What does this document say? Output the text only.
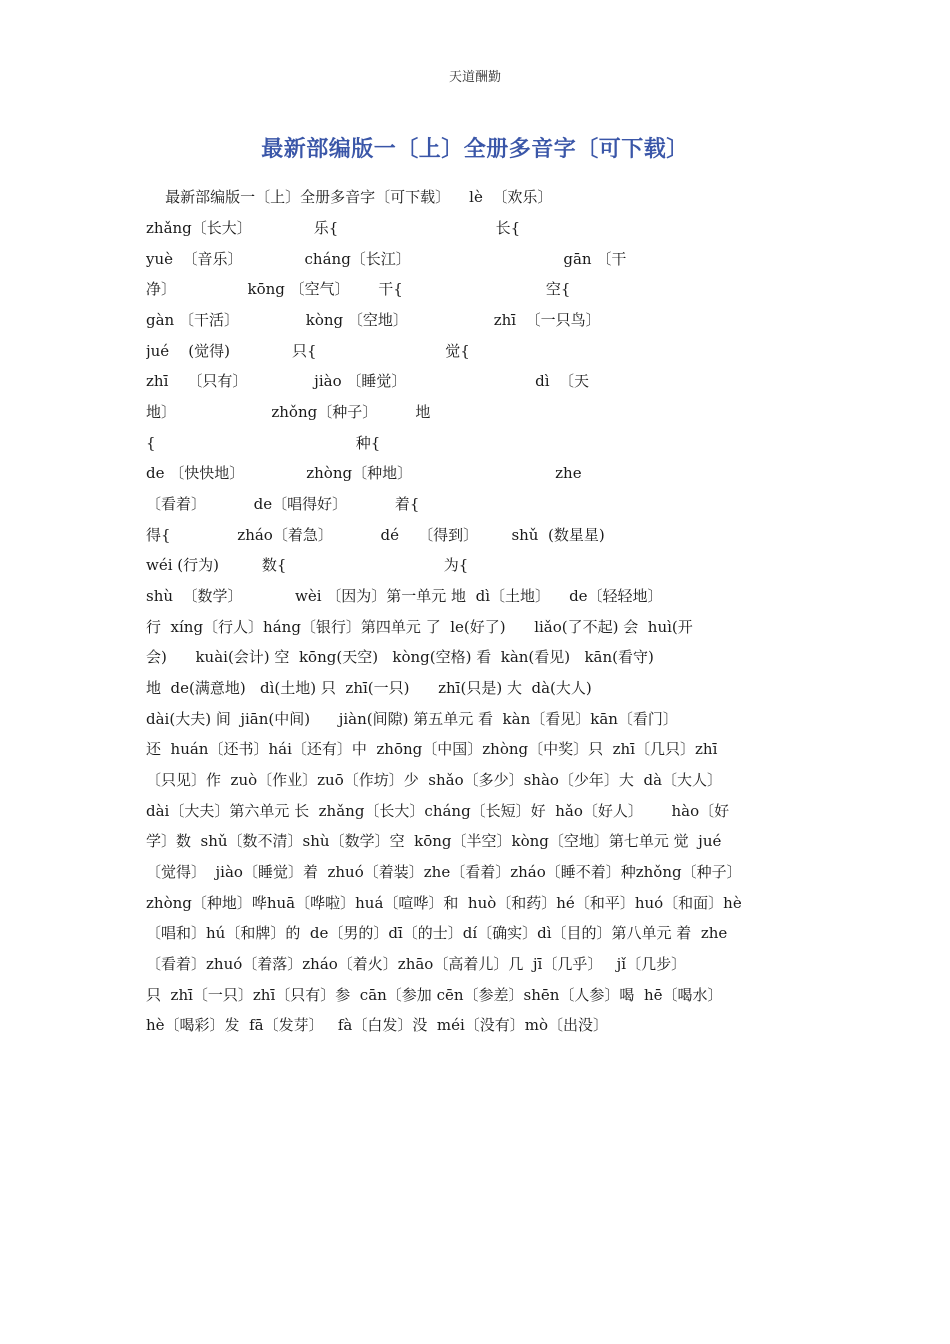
天道酬勤
最新部编版一〔上〕全册多音字〔可下载〕
最新部编版一〔上〕全册多音字〔可下载〕    lè  〔欢乐〕
zhǎng〔长大〕             乐{                                 长{
yuè  〔音乐〕             cháng〔长江〕                                gān 〔干
净〕               kōng 〔空气〕      干{                              空{
gàn 〔干活〕              kòng 〔空地〕                  zhī  〔一只鸟〕
jué    (觉得)             只{                           觉{
zhī    〔只有〕              jiào 〔睡觉〕                           dì  〔天
地〕                    zhǒng〔种子〕        地
{                                          种{
de 〔快快地〕             zhòng〔种地〕                              zhe
〔看着〕          de〔唱得好〕          着{
得{              zháo〔着急〕          dé    〔得到〕       shǔ  (数星星)
wéi (行为)         数{                                 为{
shù  〔数学〕           wèi 〔因为〕第一单元 地  dì〔土地〕    de〔轻轻地〕
行  xíng〔行人〕háng〔银行〕第四单元 了  le(好了)      liǎo(了不起) 会  huì(开
会)      kuài(会计) 空  kōng(天空)   kòng(空格) 看  kàn(看见)   kān(看守)
地  de(满意地)   dì(土地) 只  zhī(一只)      zhī(只是) 大  dà(大人)
dài(大夫) 间  jiān(中间)      jiàn(间隙) 第五单元 看  kàn〔看见〕kān〔看门〕
还  huán〔还书〕hái〔还有〕中  zhōng〔中国〕zhòng〔中奖〕只  zhī〔几只〕zhī
〔只见〕作  zuò〔作业〕zuō〔作坊〕少  shǎo〔多少〕shào〔少年〕大  dà〔大人〕
dài〔大夫〕第六单元 长  zhǎng〔长大〕cháng〔长短〕好  hǎo〔好人〕      hào〔好
学〕数  shǔ〔数不清〕shù〔数学〕空  kōng〔半空〕kòng〔空地〕第七单元 觉  jué
〔觉得〕  jiào〔睡觉〕着  zhuó〔着装〕zhe〔看着〕zháo〔睡不着〕种zhǒng〔种子〕
zhòng〔种地〕哗huā〔哗啦〕huá〔喧哗〕和  huò〔和药〕hé〔和平〕huó〔和面〕hè
〔唱和〕hú〔和牌〕的  de〔男的〕dī〔的士〕dí〔确实〕dì〔目的〕第八单元 着  zhe
〔看着〕zhuó〔着落〕zháo〔着火〕zhāo〔高着儿〕几  jī〔几乎〕   jǐ〔几步〕
只  zhī〔一只〕zhī〔只有〕参  cān〔参加 cēn〔参差〕shēn〔人参〕喝  hē〔喝水〕
hè〔喝彩〕发  fā〔发芽〕   fà〔白发〕没  méi〔没有〕mò〔出没〕
